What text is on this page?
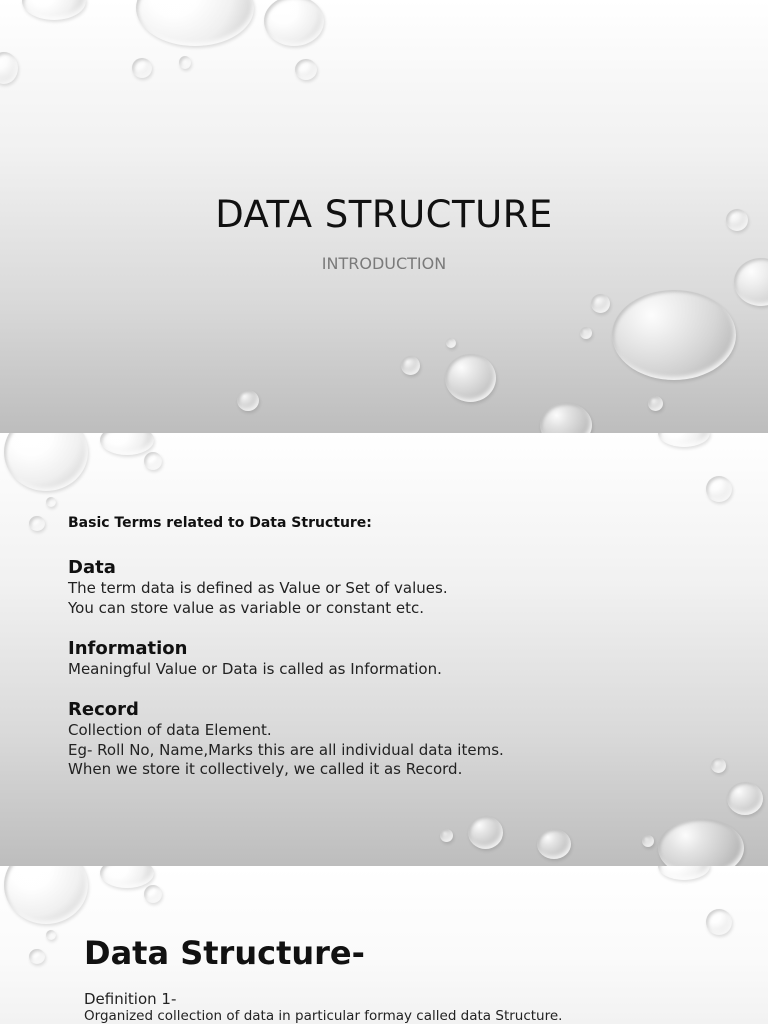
DATA STRUCTURE
INTRODUCTION
Basic Terms related to Data Structure:
Data
The term data is defined as Value or Set of values.
You can store value as variable or constant etc.
Information
Meaningful Value or Data is called as Information.
Record
Collection of data Element.
Eg- Roll No, Name,Marks this are all individual data items.
When we store it collectively, we called it as Record.
Data Structure-
Definition 1-
Organized collection of data in particular formay called data Structure.
